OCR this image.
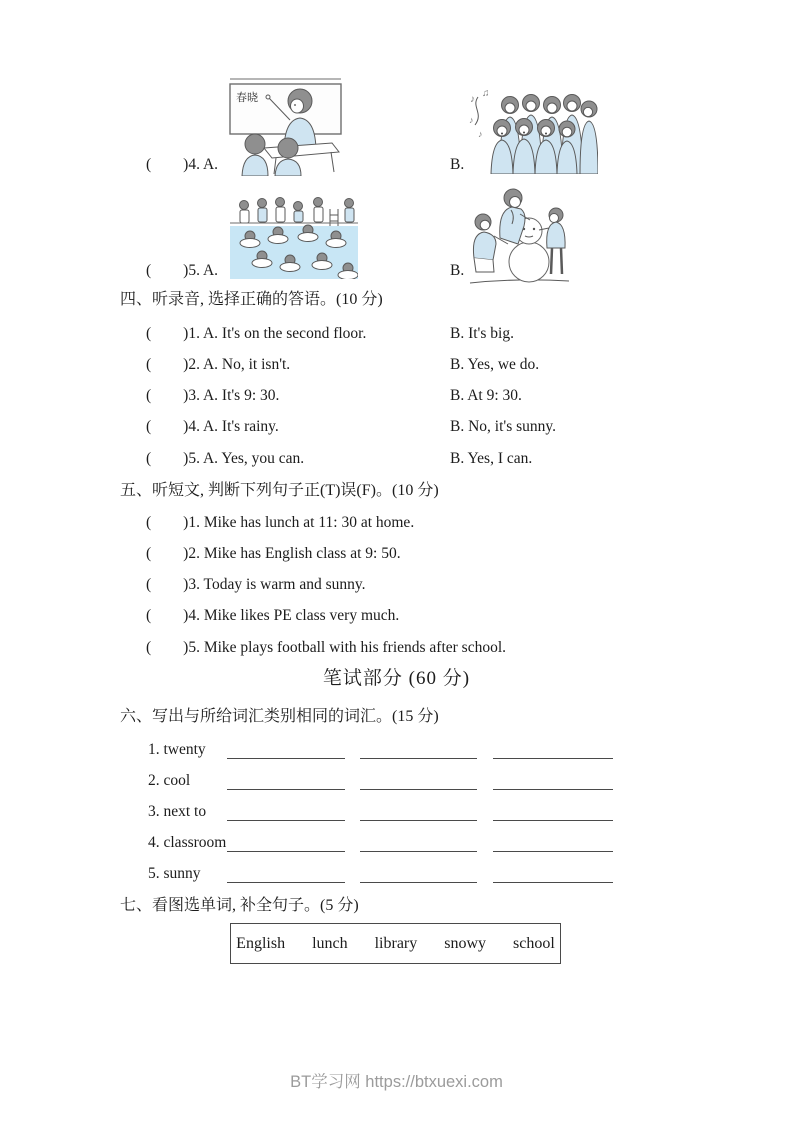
春晓
( )4. A.	B.
♪
♫
♪
♪
( )5. A.	B.
四、听录音, 选择正确的答语。(10 分)
( )1. A. It's on the second floor.	B. It's big.
( )2. A. No, it isn't.	B. Yes, we do.
( )3. A. It's 9: 30.	B. At 9: 30.
( )4. A. It's rainy.	B. No, it's sunny.
( )5. A. Yes, you can.	B. Yes, I can.
五、听短文, 判断下列句子正(T)误(F)。(10 分)
( )1. Mike has lunch at 11: 30 at home.
( )2. Mike has English class at 9: 50.
( )3. Today is warm and sunny.
( )4. Mike likes PE class very much.
( )5. Mike plays football with his friends after school.
笔试部分 (60 分)
六、写出与所给词汇类别相同的词汇。(15 分)
1. twenty
2. cool
3. next to
4. classroom
5. sunny
七、看图选单词, 补全句子。(5 分)
English lunch library snowy school
BT学习网 https://btxuexi.com
